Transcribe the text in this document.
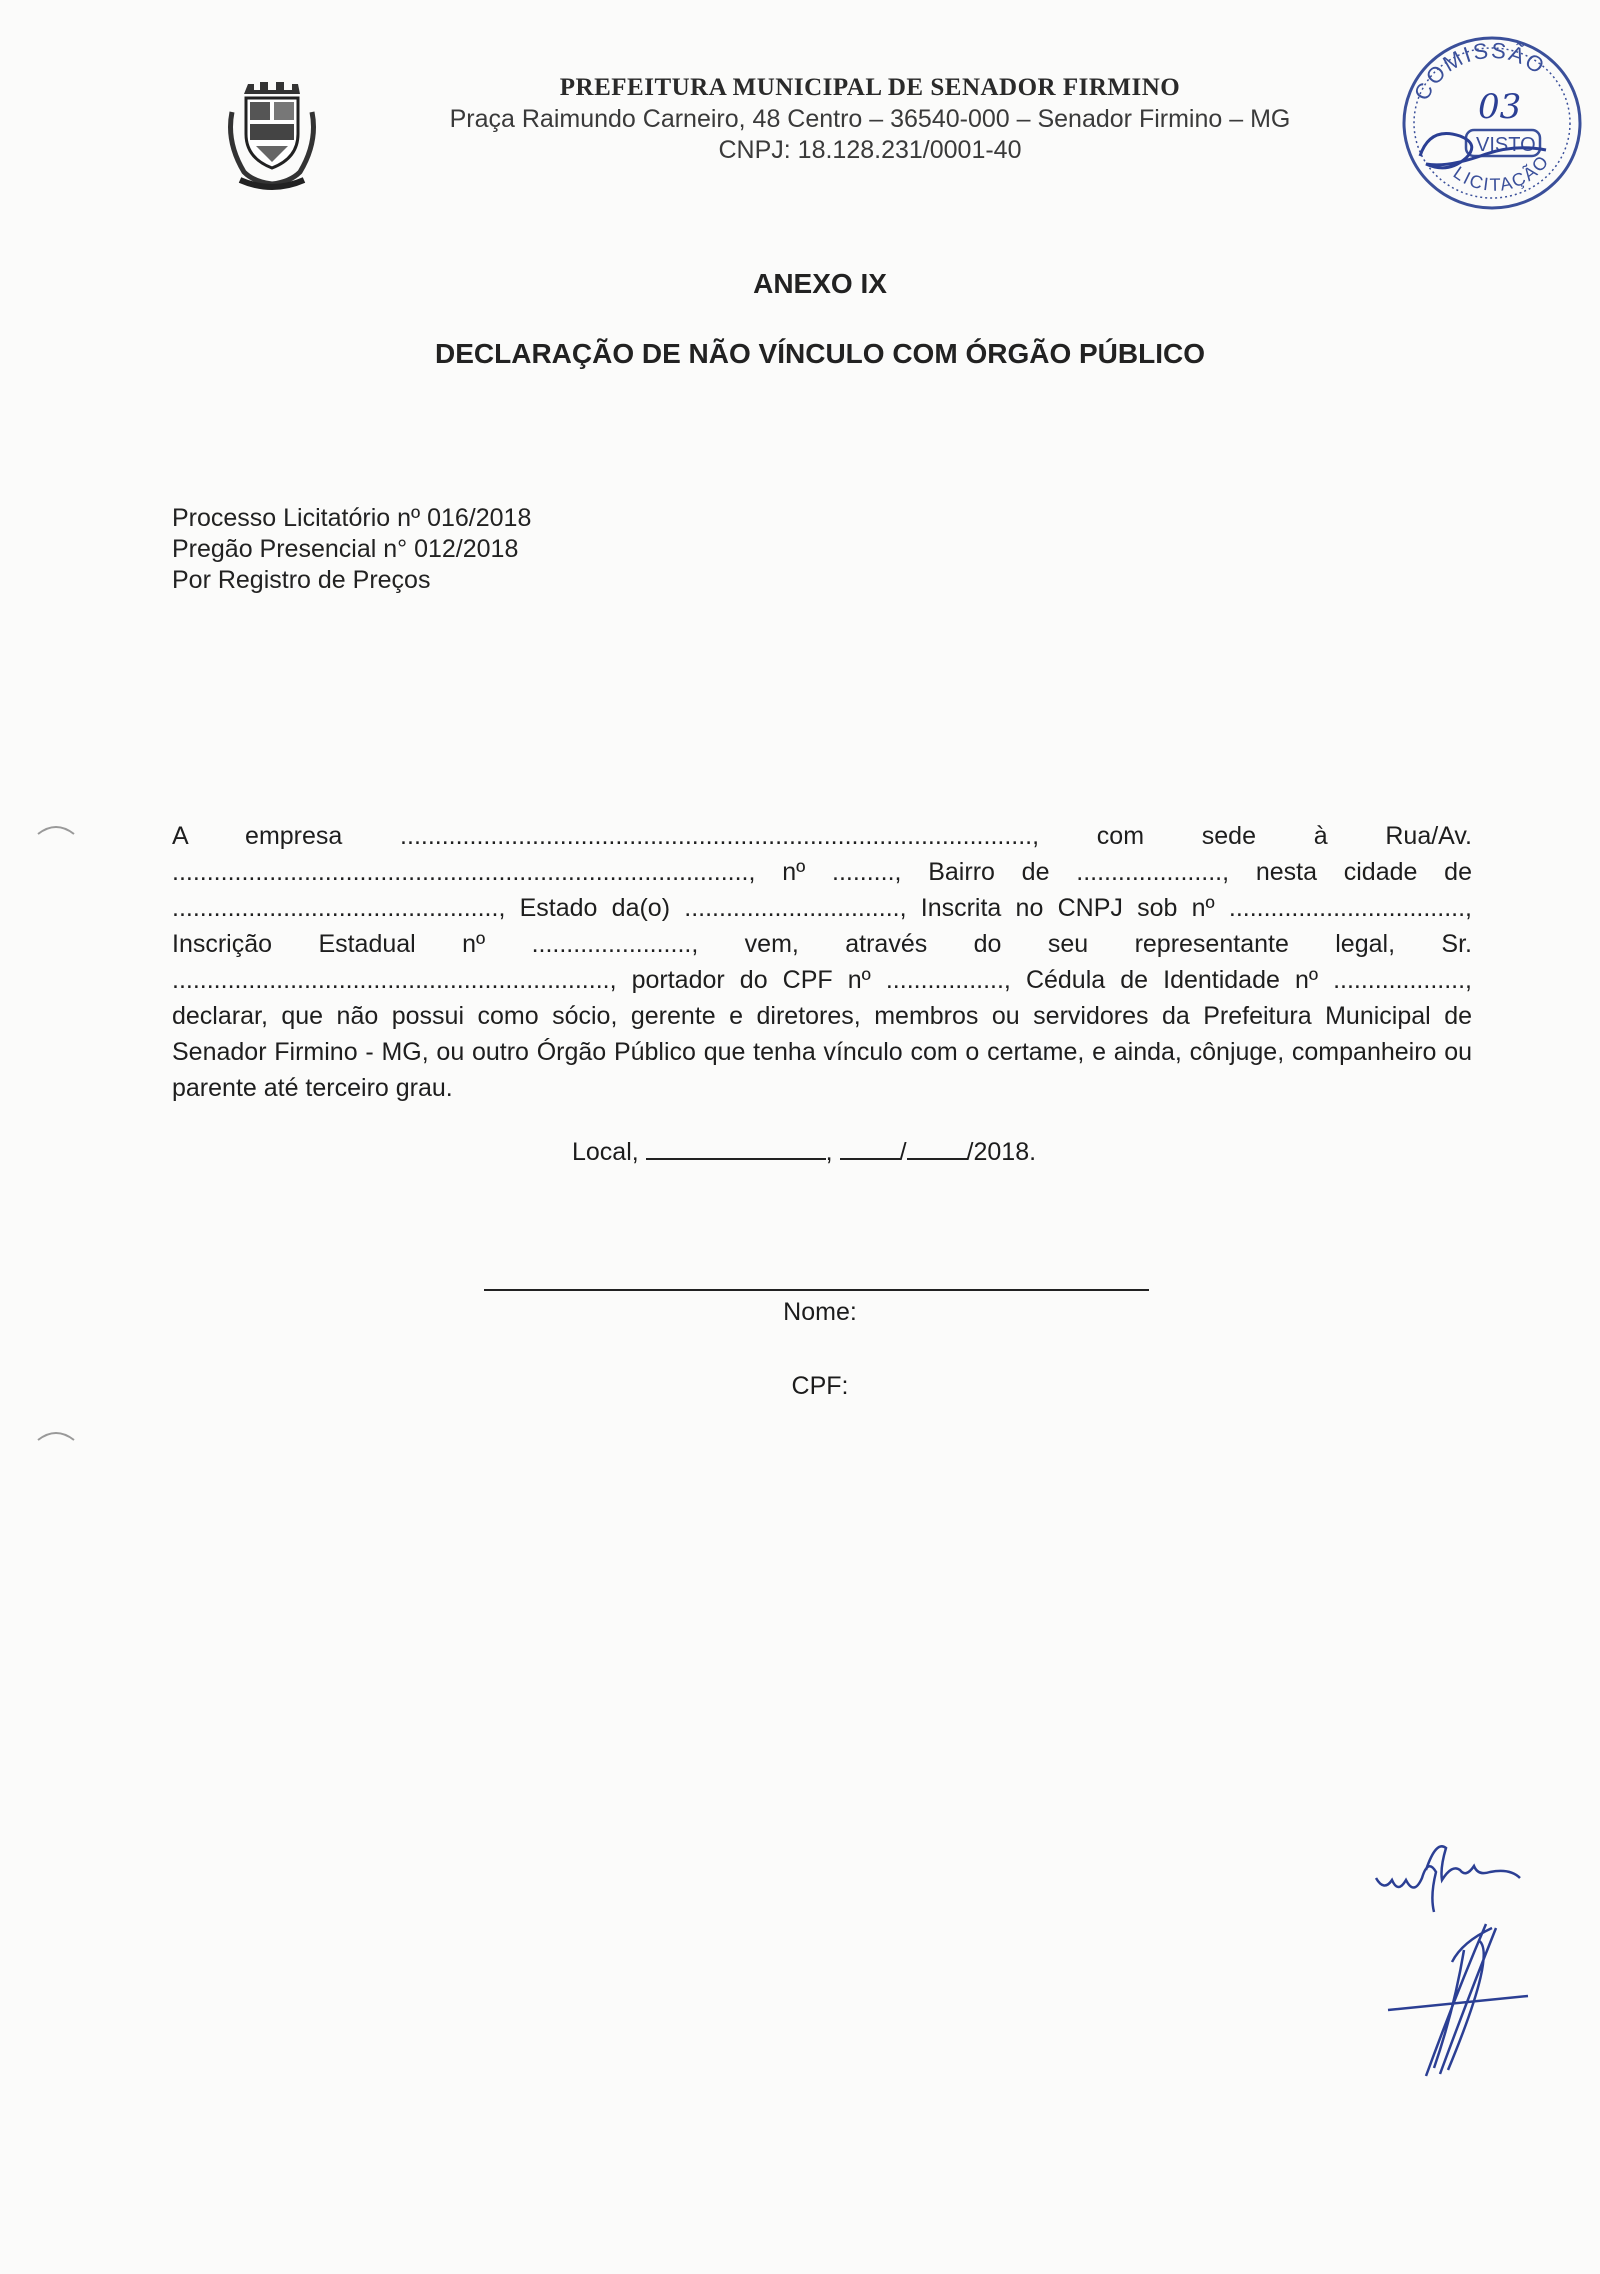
PREFEITURA MUNICIPAL DE SENADOR FIRMINO
Praça Raimundo Carneiro, 48 Centro – 36540-000 – Senador Firmino – MG
CNPJ: 18.128.231/0001-40
COMISSÃO
LICITAÇÃO
03
VISTO
ANEXO IX
DECLARAÇÃO DE NÃO VÍNCULO COM ÓRGÃO PÚBLICO
Processo Licitatório nº 016/2018
Pregão Presencial n° 012/2018
Por Registro de Preços
A empresa ..........................................................................................., com sede à Rua/Av. ..................................................................................., nº ........., Bairro de ....................., nesta cidade de ..............................................., Estado da(o) ..............................., Inscrita no CNPJ sob nº .................................., Inscrição Estadual nº ......................., vem, através do seu representante legal, Sr. ..............................................................., portador do CPF nº ................., Cédula de Identidade nº ..................., declarar, que não possui como sócio, gerente e diretores, membros ou servidores da Prefeitura Municipal de Senador Firmino - MG, ou outro Órgão Público que tenha vínculo com o certame, e ainda, cônjuge, companheiro ou parente até terceiro grau.
Local,	,	/ /2018.
Nome:
CPF:
